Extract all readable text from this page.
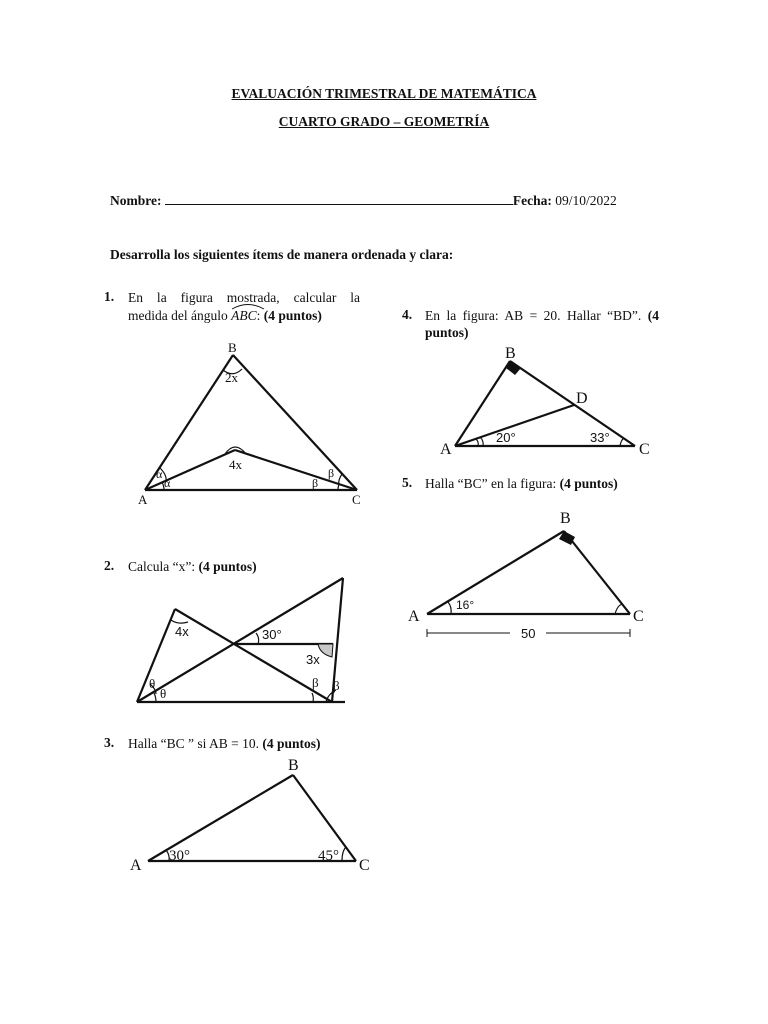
EVALUACIÓN TRIMESTRAL DE MATEMÁTICA
CUARTO GRADO – GEOMETRÍA
Nombre:	Fecha: 09/10/2022
Desarrolla los siguientes ítems de manera ordenada y clara:
1. En la figura mostrada, calcular la
medida del ángulo ABC: (4 puntos)
B
2x
4x
α
α
β
β
A	C
2. Calcula “x”: (4 puntos)
4x	30°
3x
θ
θ
β β
3. Halla “BC ” si AB = 10. (4 puntos)
B
A	C
30°	45°
4. En la figura: AB = 20. Hallar “BD”. (4
puntos)
B
D
A	C
20°	33°
5. Halla “BC” en la figura: (4 puntos)
B
A	C
16°
50
